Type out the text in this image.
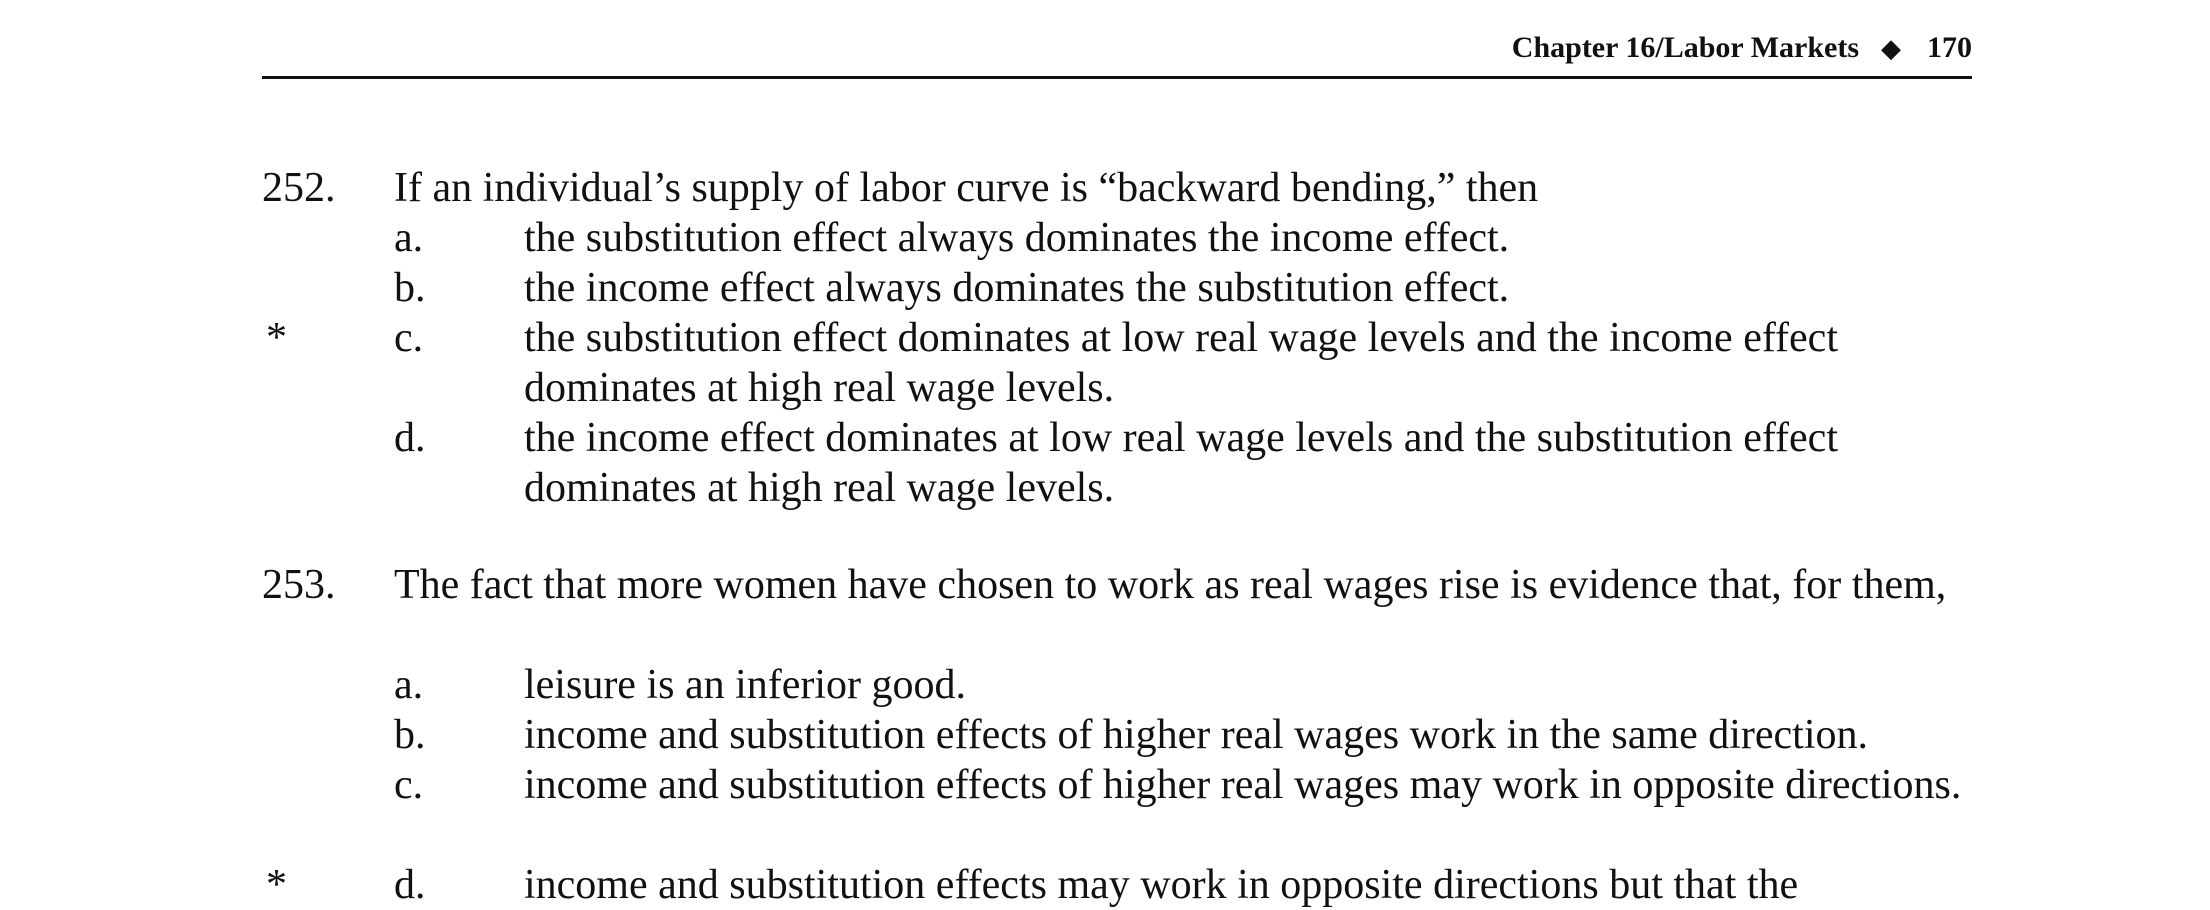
Chapter 16/Labor Markets ◆ 170
252. If an individual’s supply of labor curve is “backward bending,” then
a. the substitution effect always dominates the income effect.
b. the income effect always dominates the substitution effect.
*	c. the substitution effect dominates at low real wage levels and the income effect dominates at high real wage levels.
d. the income effect dominates at low real wage levels and the substitution effect dominates at high real wage levels.
253. The fact that more women have chosen to work as real wages rise is evidence that, for them,
a. leisure is an inferior good.
b. income and substitution effects of higher real wages work in the same direction.
c. income and substitution effects of higher real wages may work in opposite directions.
*	d. income and substitution effects may work in opposite directions but that the
